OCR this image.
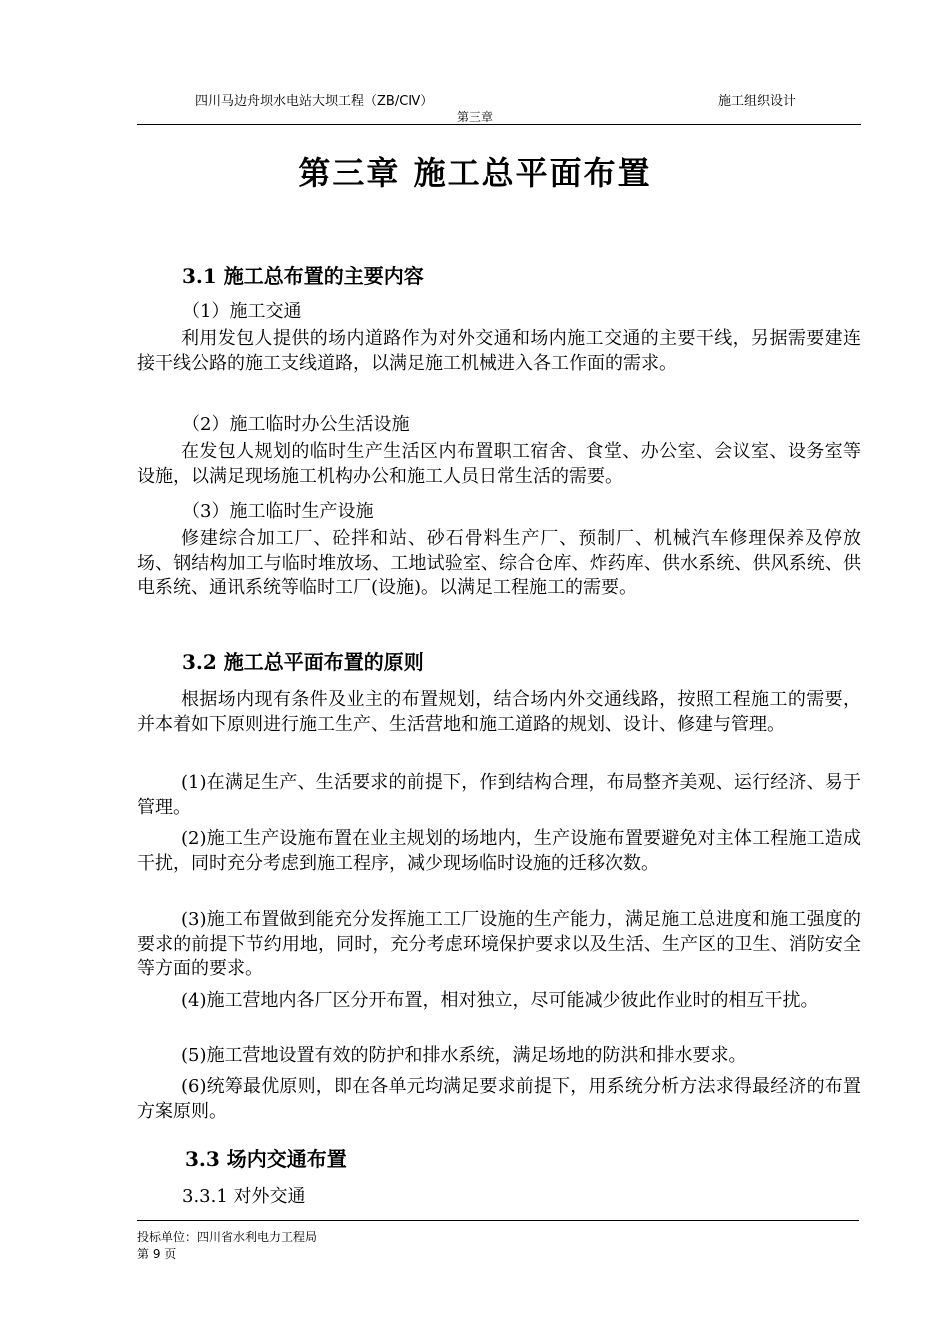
四川马边舟坝水电站大坝工程（ZB/CⅣ）	施工组织设计
第三章
第三章 施工总平面布置
3.1 施工总布置的主要内容
（1）施工交通
利用发包人提供的场内道路作为对外交通和场内施工交通的主要干线，另据需要建连接干线公路的施工支线道路，以满足施工机械进入各工作面的需求。
（2）施工临时办公生活设施
在发包人规划的临时生产生活区内布置职工宿舍、食堂、办公室、会议室、设务室等设施，以满足现场施工机构办公和施工人员日常生活的需要。
（3）施工临时生产设施
修建综合加工厂、砼拌和站、砂石骨料生产厂、预制厂、机械汽车修理保养及停放场、钢结构加工与临时堆放场、工地试验室、综合仓库、炸药库、供水系统、供风系统、供电系统、通讯系统等临时工厂(设施)。以满足工程施工的需要。
3.2 施工总平面布置的原则
根据场内现有条件及业主的布置规划，结合场内外交通线路，按照工程施工的需要，并本着如下原则进行施工生产、生活营地和施工道路的规划、设计、修建与管理。
(1)在满足生产、生活要求的前提下，作到结构合理，布局整齐美观、运行经济、易于管理。
(2)施工生产设施布置在业主规划的场地内，生产设施布置要避免对主体工程施工造成干扰，同时充分考虑到施工程序，减少现场临时设施的迁移次数。
(3)施工布置做到能充分发挥施工工厂设施的生产能力，满足施工总进度和施工强度的要求的前提下节约用地，同时，充分考虑环境保护要求以及生活、生产区的卫生、消防安全等方面的要求。
(4)施工营地内各厂区分开布置，相对独立，尽可能减少彼此作业时的相互干扰。
(5)施工营地设置有效的防护和排水系统，满足场地的防洪和排水要求。
(6)统筹最优原则，即在各单元均满足要求前提下，用系统分析方法求得最经济的布置方案原则。
3.3 场内交通布置
3.3.1 对外交通
投标单位：四川省水利电力工程局
第 9 页
